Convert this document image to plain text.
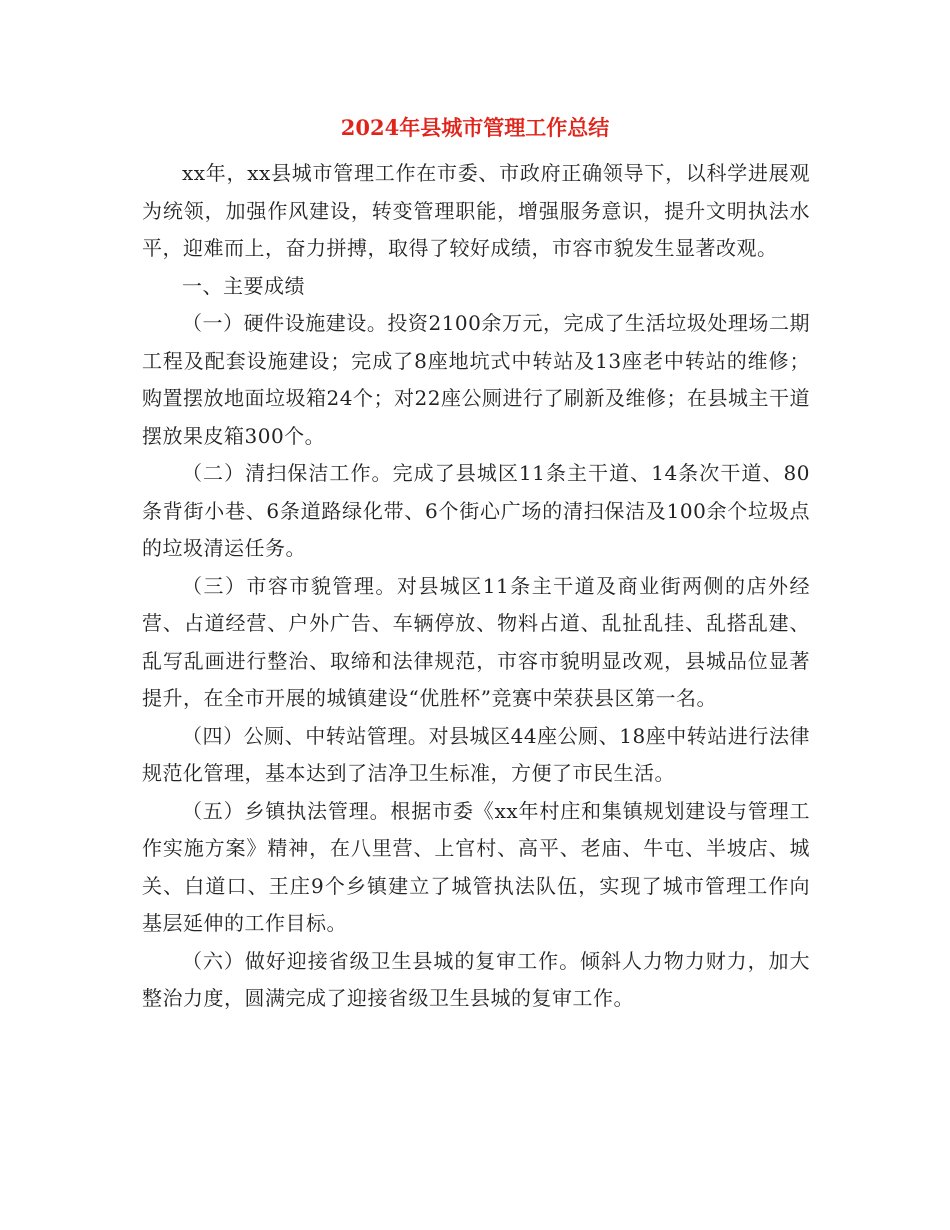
2024年县城市管理工作总结

xx年，xx县城市管理工作在市委、市政府正确领导下，以科学进展观为统领，加强作风建设，转变管理职能，增强服务意识，提升文明执法水平，迎难而上，奋力拼搏，取得了较好成绩，市容市貌发生显著改观。

一、主要成绩

（一）硬件设施建设。投资2100余万元，完成了生活垃圾处理场二期工程及配套设施建设；完成了8座地坑式中转站及13座老中转站的维修；购置摆放地面垃圾箱24个；对22座公厕进行了刷新及维修；在县城主干道摆放果皮箱300个。

（二）清扫保洁工作。完成了县城区11条主干道、14条次干道、80条背街小巷、6条道路绿化带、6个街心广场的清扫保洁及100余个垃圾点的垃圾清运任务。

（三）市容市貌管理。对县城区11条主干道及商业街两侧的店外经营、占道经营、户外广告、车辆停放、物料占道、乱扯乱挂、乱搭乱建、乱写乱画进行整治、取缔和法律规范，市容市貌明显改观，县城品位显著提升，在全市开展的城镇建设“优胜杯”竞赛中荣获县区第一名。

（四）公厕、中转站管理。对县城区44座公厕、18座中转站进行法律规范化管理，基本达到了洁净卫生标准，方便了市民生活。

（五）乡镇执法管理。根据市委《xx年村庄和集镇规划建设与管理工作实施方案》精神，在八里营、上官村、高平、老庙、牛屯、半坡店、城关、白道口、王庄9个乡镇建立了城管执法队伍，实现了城市管理工作向基层延伸的工作目标。

（六）做好迎接省级卫生县城的复审工作。倾斜人力物力财力，加大整治力度，圆满完成了迎接省级卫生县城的复审工作。
